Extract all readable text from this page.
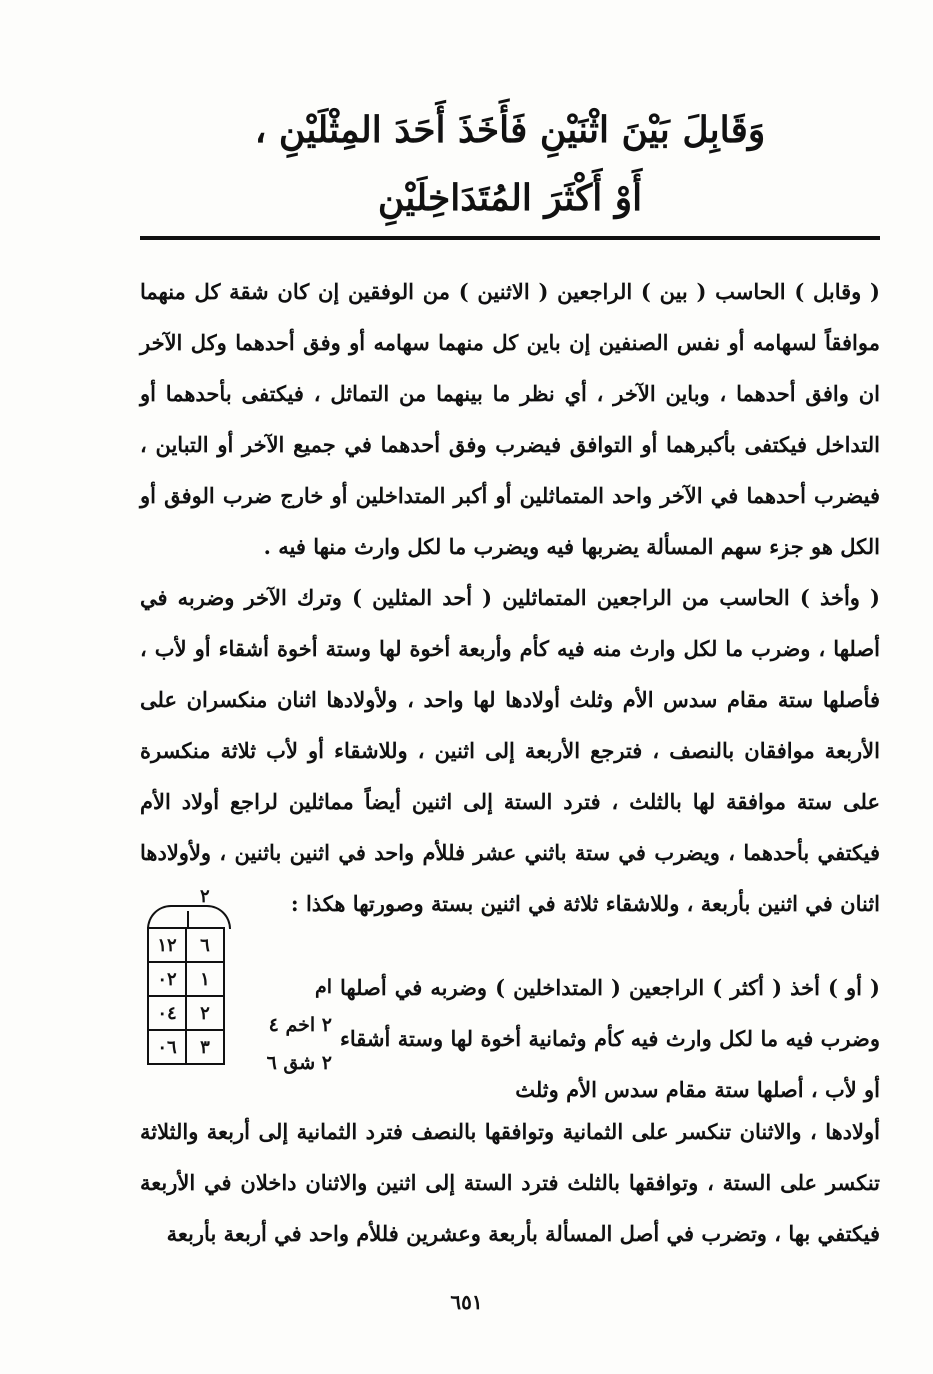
وَقَابِلَ بَيْنَ اثْنَيْنِ فَأَخَذَ أَحَدَ المِثْلَيْنِ ،
أَوْ أَكْثَرَ المُتَدَاخِلَيْنِ

( وقابل ) الحاسب ( بين ) الراجعين ( الاثنين ) من الوفقين إن كان شقة كل منهما موافقاً لسهامه أو نفس الصنفين إن باين كل منهما سهامه أو وفق أحدهما وكل الآخر ان وافق أحدهما ، وباين الآخر ، أي نظر ما بينهما من التماثل ، فيكتفى بأحدهما أو التداخل فيكتفى بأكبرهما أو التوافق فيضرب وفق أحدهما في جميع الآخر أو التباين ، فيضرب أحدهما في الآخر واحد المتماثلين أو أكبر المتداخلين أو خارج ضرب الوفق أو الكل هو جزء سهم المسألة يضربها فيه ويضرب ما لكل وارث منها فيه .

( وأخذ ) الحاسب من الراجعين المتماثلين ( أحد المثلين ) وترك الآخر وضربه في أصلها ، وضرب ما لكل وارث منه فيه كأم وأربعة أخوة لها وستة أخوة أشقاء أو لأب ، فأصلها ستة مقام سدس الأم وثلث أولادها لها واحد ، ولأولادها اثنان منكسران على الأربعة موافقان بالنصف ، فترجع الأربعة إلى اثنين ، وللاشقاء أو لأب ثلاثة منكسرة على ستة موافقة لها بالثلث ، فترد الستة إلى اثنين أيضاً مماثلين لراجع أولاد الأم فيكتفي بأحدهما ، ويضرب في ستة باثني عشر فللأم واحد في اثنين باثنين ، ولأولادها اثنان في اثنين بأربعة ، وللاشقاء ثلاثة في اثنين بستة وصورتها هكذا :

٢
١٢	٦
٠٢	١
٠٤	٢
٠٦	٣
ام
٢ اخم ٤
٢ شق ٦

( أو ) أخذ ( أكثر ) الراجعين ( المتداخلين ) وضربه في أصلها وضرب فيه ما لكل وارث فيه كأم وثمانية أخوة لها وستة أشقاء أو لأب ، أصلها ستة مقام سدس الأم وثلث

أولادها ، والاثنان تنكسر على الثمانية وتوافقها بالنصف فترد الثمانية إلى أربعة والثلاثة تنكسر على الستة ، وتوافقها بالثلث فترد الستة إلى اثنين والاثنان داخلان في الأربعة فيكتفي بها ، وتضرب في أصل المسألة بأربعة وعشرين فللأم واحد في أربعة بأربعة

٦٥١
